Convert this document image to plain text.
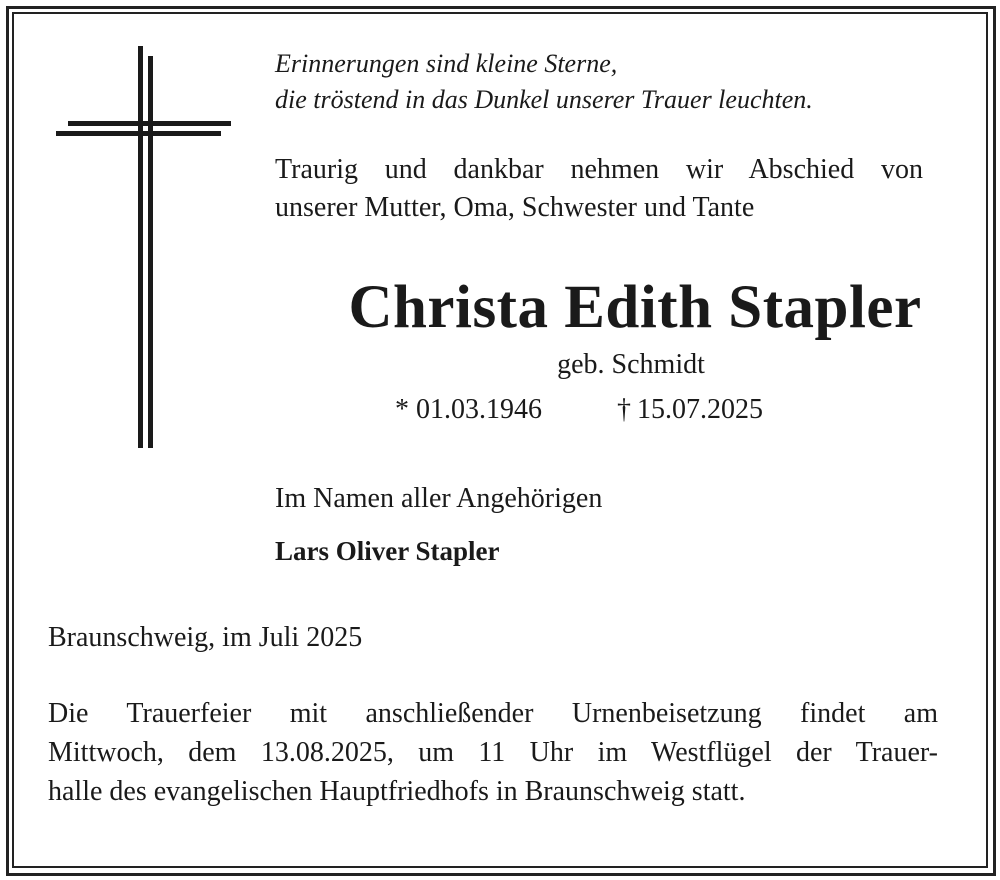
Erinnerungen sind kleine Sterne,
die tröstend in das Dunkel unserer Trauer leuchten.
Traurig und dankbar nehmen wir Abschied von
unserer Mutter, Oma, Schwester und Tante
Christa Edith Stapler
geb. Schmidt
* 01.03.1946	† 15.07.2025
Im Namen aller Angehörigen
Lars Oliver Stapler
Braunschweig, im Juli 2025
Die Trauerfeier mit anschließender Urnenbeisetzung findet am
Mittwoch, dem 13.08.2025, um 11 Uhr im Westflügel der Trauer-
halle des evangelischen Hauptfriedhofs in Braunschweig statt.
